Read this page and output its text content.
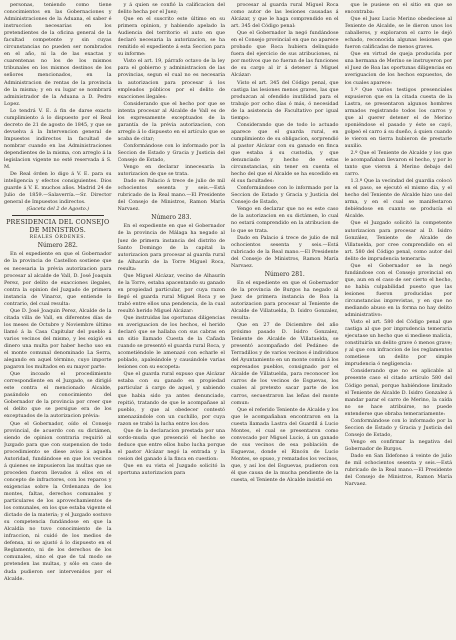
personas, teniendo como tiene conocimientos en las Gobernaciones y Administraciones de la Aduana, el saber é instruccion necesarias en los pretendientes de la oficina general de la facultad competente y sin cuyas circunstancias no pueden ser nombrados en el año, ni la de las exactas y cuarentenas no los de los mismos tribunales en los mismos destinos de los señores mencionados, en la Administracion de rentas de la provincia de la misma; y en su lugar se nombrará administrador de la Aduana a D. Pedro Lopez.

Lo tendrá V. E. á fin de darse exacto cumplimiento á lo dispuesto por el Real decreto de 21 de agosto de 1845, y que se devuelva á la Intervencion general de Impuestos indirectos la facultad de nombrar cuando en las Administraciones dependientes de la misma, con arreglo á la legislacion vigente no esté reservada á S. M.

De Real órden lo digo á V. E. para su inteligencia y efectos consiguientes. Dios guarde á V. E. muchos años. Madrid 24 de Julio de 1859.—Salaverría.—Sr. Director general de Impuestos indirectos.

(Gaceta del 2 de Agosto.)

PRESIDENCIA DEL CONSEJO DE MINISTROS.

REALES ÓRDENES.

Número 282.

En el expediente en que el Gobernador de la provincia de Castellon sostiene que es necesaria la prévia autorizacion para procesar al alcalde de Vall, D. José Joaquin Perez, por delito de exacciones ilegales, contra la opinion del Juzgado de primera instancia de Vinaroz, que entiende lo contrario, del cual resulta:

Que D. José Joaquin Perez, Alcalde de la citada villa de Vall, en diferentes días de los meses de Octubre y Noviembre último llamó á la Casa Capitular del pueblo á varios vecinos del mismo, y les exigió en dinero una multa por haber hecho uso en el monte comunal denominado La Serra, alegando en aquel término, cuyo importe pagaron los multados en su mayor parte:

Que incoado el procedimiento correspondiente en el Juzgado, se dirigió este contra el mencionado Alcalde, pasándolo en conocimiento del Gobernador de la provincia por creer que el delito que se persigue era de los exceptuados de la autorizacion prévia:

Que el Gobernador, oído el Consejo provincial, de acuerdo con su dictámen, siendo de opinion contraria requirió al Juzgado para que con suspension de todo procedimiento se diese aviso á aquella Autoridad, fundándose en que los vecinos á quienes se impusieron las multas que se proceden fueron llevados á ellos en el concepto de infractores, con los reparos y exigencias sobre la Ordenanza de los montes, faltas, derechos comunales y particulares de los aprovechamientos de los comunales, en los que estaba vigente el dictado de la materia; y el Juzgado sostuvo su competencia fundándose en que la Alcaldía no tuvo conocimiento de la infraccion, ni cuidó de los medios de defensa, ni se ajustó á lo dispuesto en el Reglamento, ni de los derechos de los comunales, sino el que de tal modo se pretenden las multas, y sólo en caso de duda pudieron ser intervenidos por el Alcalde.

y á quien se confió la calificacion del delito hecha por el Juez;

Que en el suscrito este último en su primera opinion, y habiendo apelado la Audiencia del territorio el auto en que declaró necesaria la autorizacion, se ha remitido el expediente á esta Seccion para su informe:

Visto el art. 19, párrafo octavo de la ley para el gobierno y administracion de las provincias, segun el cual no es necesaria la autorizacion para procesar á los empleados públicos por el delito de exacciones ilegales:

Considerando que el hecho por que se intenta procesar al Alcalde de Vall es de los expresamente exceptuados de la garantía de la prévia autorizacion, con arreglo á lo dispuesto en el artículo que se acaba de citar;

Conformándose con lo informado por la Seccion de Estado y Gracia y Justicia del Consejo de Estado,

Vengo en declarar innecesaria la autorizacion de que se trata.

Dado en Palacio á trece de julio de mil ochocientos sesenta y seis.—Está rubricado de la Real mano.—El Presidente del Consejo de Ministros, Ramon María Narvaez.

Número 283.

En el expediente en que el Gobernador de la provincia de Málaga ha negado al Juez de primera instancia del distrito de Santo Domingo de la capital la autorizacion para procesar al guarda rural de Alhaurín de la Torre Miguel Roca, resulta:

Que Miguel Alcázar, vecino de Alhaurín de la Torre, estaba apacentando su ganado en propiedad particular, por cuya razon llegó el guarda rural Miguel Roca y se trabó entre ellos una pendencia, de la cual resultó herido Miguel Alcázar:

Que instruidas las oportunas diligencias en averiguacion de los hechos, el herido declaró que se hallaba con sus cabras en un sitio llamado Cuesta de la Cañada cuando se presentó el guarda rural Roca, y acometiéndole le amenazó con echarle el poblado, apaleándole y causándole varias lesiones con su escopeta:

Que el guarda rural expuso que Alcázar estaba con su ganado en propiedad particular á cargo de aquel, y sabiendo que habia sido ya antes denunciado, repitió, tratando de que le acompañase al pueblo, y que al obedecer contestó amenazándole con un cuchillo, por cuya razon se trabó la lucha entre los dos:

Que de la declaracion prestada por una sordo-muda que presenció el hecho se deduce que entre ellos hubo lucha porque el pastor Alcázar negó la entrada y la cesion del ganado á la finca en cuestion:

Que en su vista el Juzgado solicitó la oportuna autorizacion para

procesar al guarda rural Miguel Roca como autor de las lesiones causadas á Alcázar, y que le haga comprendido en el art. 345 del Código penal:

Que el Gobernador la negó fundándose en el Consejo provincial en que no aparece probado que Roca hubiera delinquido fuera del ejercicio de sus atribuciones, ni por motivos que no fueran de las funciones de su cargo al ir á detener á Miguel Alcázar:

Visto el art. 345 del Código penal, que castiga las lesiones menos graves, las que produzcan al ofendido inutilidad para el trabajo por ocho días ó más, ó necesidad de la asistencia de Facultativo por igual tiempo:

Considerando que de todo lo actuado aparece que el guarda rural, en cumplimiento de su obligacion, sorprendió al pastor Alcázar con su ganado en finca que estaba á su custodia, y que denunciado y hecho de estas circunstancias, sin tener en cuenta el hecho del que el Alcalde se ha excedido en él sus facultades:

Conformándose con lo informado por la Seccion de Estado y Gracia y Justicia del Consejo de Estado,

Vengo en declarar que no es este caso de la autorizacion en su dictámen, lo cual no estará comprendido en la atribucion de lo que se trata.

Dado en Palacio á trece de julio de mil ochocientos sesenta y seis.—Está rubricado de la Real mano.—El Presidente del Consejo de Ministros, Ramon María Narvaez.

Número 281.

En el expediente en que el Gobernador de la provincia de Burgos ha negado al Juez de primera instancia de Roa la autorizacion para procesar al Teniente de Alcalde de Villatuelda, D. Isidro Gonzalez, resulta:

Que en 27 de Diciembre del año próximo pasado D. Isidro Gonzalez, Teniente de Alcalde de Villatuelda, se presentó acompañado del Pedáneo de Terradillos y de varios vecinos é individuos del Ayuntamiento en un monte común á los expresados pueblos, consignado por el Alcalde de Villatuelda, para reconocer los carros de los vecinos de Esguevas, los cuales al pretexto sacar parte de los carros, secuestraron las leñas del monte comun:

Que el referido Teniente de Alcalde y los que le acompañaban encontraron en la cuesta llamada Lastra del Guardil á Lucio Montes, el cual se presentaron como convocado por Miguel Lucio, á un ganado de sus vecinos de esa población de Esguevas, donde el Rincón de Lucio Montes, se opuso, y rematados los vecinos, que, y así los del Esguevas, pudieron con él que causa de la mucha pendiente de la cuesta, el Teniente de Alcalde insistió en

que le pusiese en el sitio en que se encontraba:

Que el Juez Lucio Merino obedeciese al Teniente de Alcalde, se le dieron unos los caballeros, y exploraron el carro le dejó echado, reconocida algunas lesiones que fueron calificadas de menos graves.

Que en virtud de queja producida por una hermana de Merino se instruyeron por el Juez de Roa las oportunas diligencias en averiguacion de los hechos expuestos, de los cuales aparece:

1.º Que varios testigos presenciales expusieron que en la citada cuesta de la Lastra, se presentaron algunos hombres armados registrando todos los carros y que al querer detener el de Merino oponiéndose el pasado y éste se cayó, golpeó el carro á su dueño, á quien cuando le vieron en tierra hubieron de prestarle auxilio.

2.º Que el Teniente de Alcalde y los que le acompañaban llevaron el hecho, y por lo tanto que vieron á Merino debajo del carro.

1.3.º Que la vecindad del guardia colocó en el paso, se ejecutó el mismo dia, y el hecho del Teniente de Alcalde hizo uso del arma, y en el cual se manifestaron debiéndose en cuanto se producía el Alcalde.

Que el Juzgado solicitó la competente autorizacion para procesar al D. Isidro González, Teniente de Alcalde de Villatuelda, por cree comprendido en el art. 580 del Código penal, como autor del delito de imprudencia temeraria:

Que el Gobernador se la negó fundándose con el Consejo provincial en que, aun en el caso de ser cierto el hecho, no había culpabilidad puesto que las lesiones fueron producidas por circunstancias imprevistas, y en que no mediando abuso en la forma no hay delito administrativo:

Visto el art. 580 del Código penal que castiga al que por imprudencia temeraria ejecutase un hecho que si mediese malicia, constituiría un delito grave ó menos grave; y al que con infraccion de los reglamentos cometiese un delito por simple imprudencia ó negligencia:

Considerando que no es aplicable al presente caso el citado artículo 580 del Código penal, porque habiéndose limitado el Teniente de Alcalde D. Isidro Gonzalez á mandar parar el carro de Merino, la caída no se hace atribuirse, no puede entenderse que obraba temerariamente:

Conformándose con lo informado por la Seccion de Estado y Gracia y Justicia del Consejo de Estado,

Vengo en confirmar la negativa del Gobernador de Burgos.

Dado en San Ildefonso á veinte de julio de mil ochocientos sesenta y seis.—Está rubricado de la Real mano.—El Presidente del Consejo de Ministros, Ramon María Narvaez.
